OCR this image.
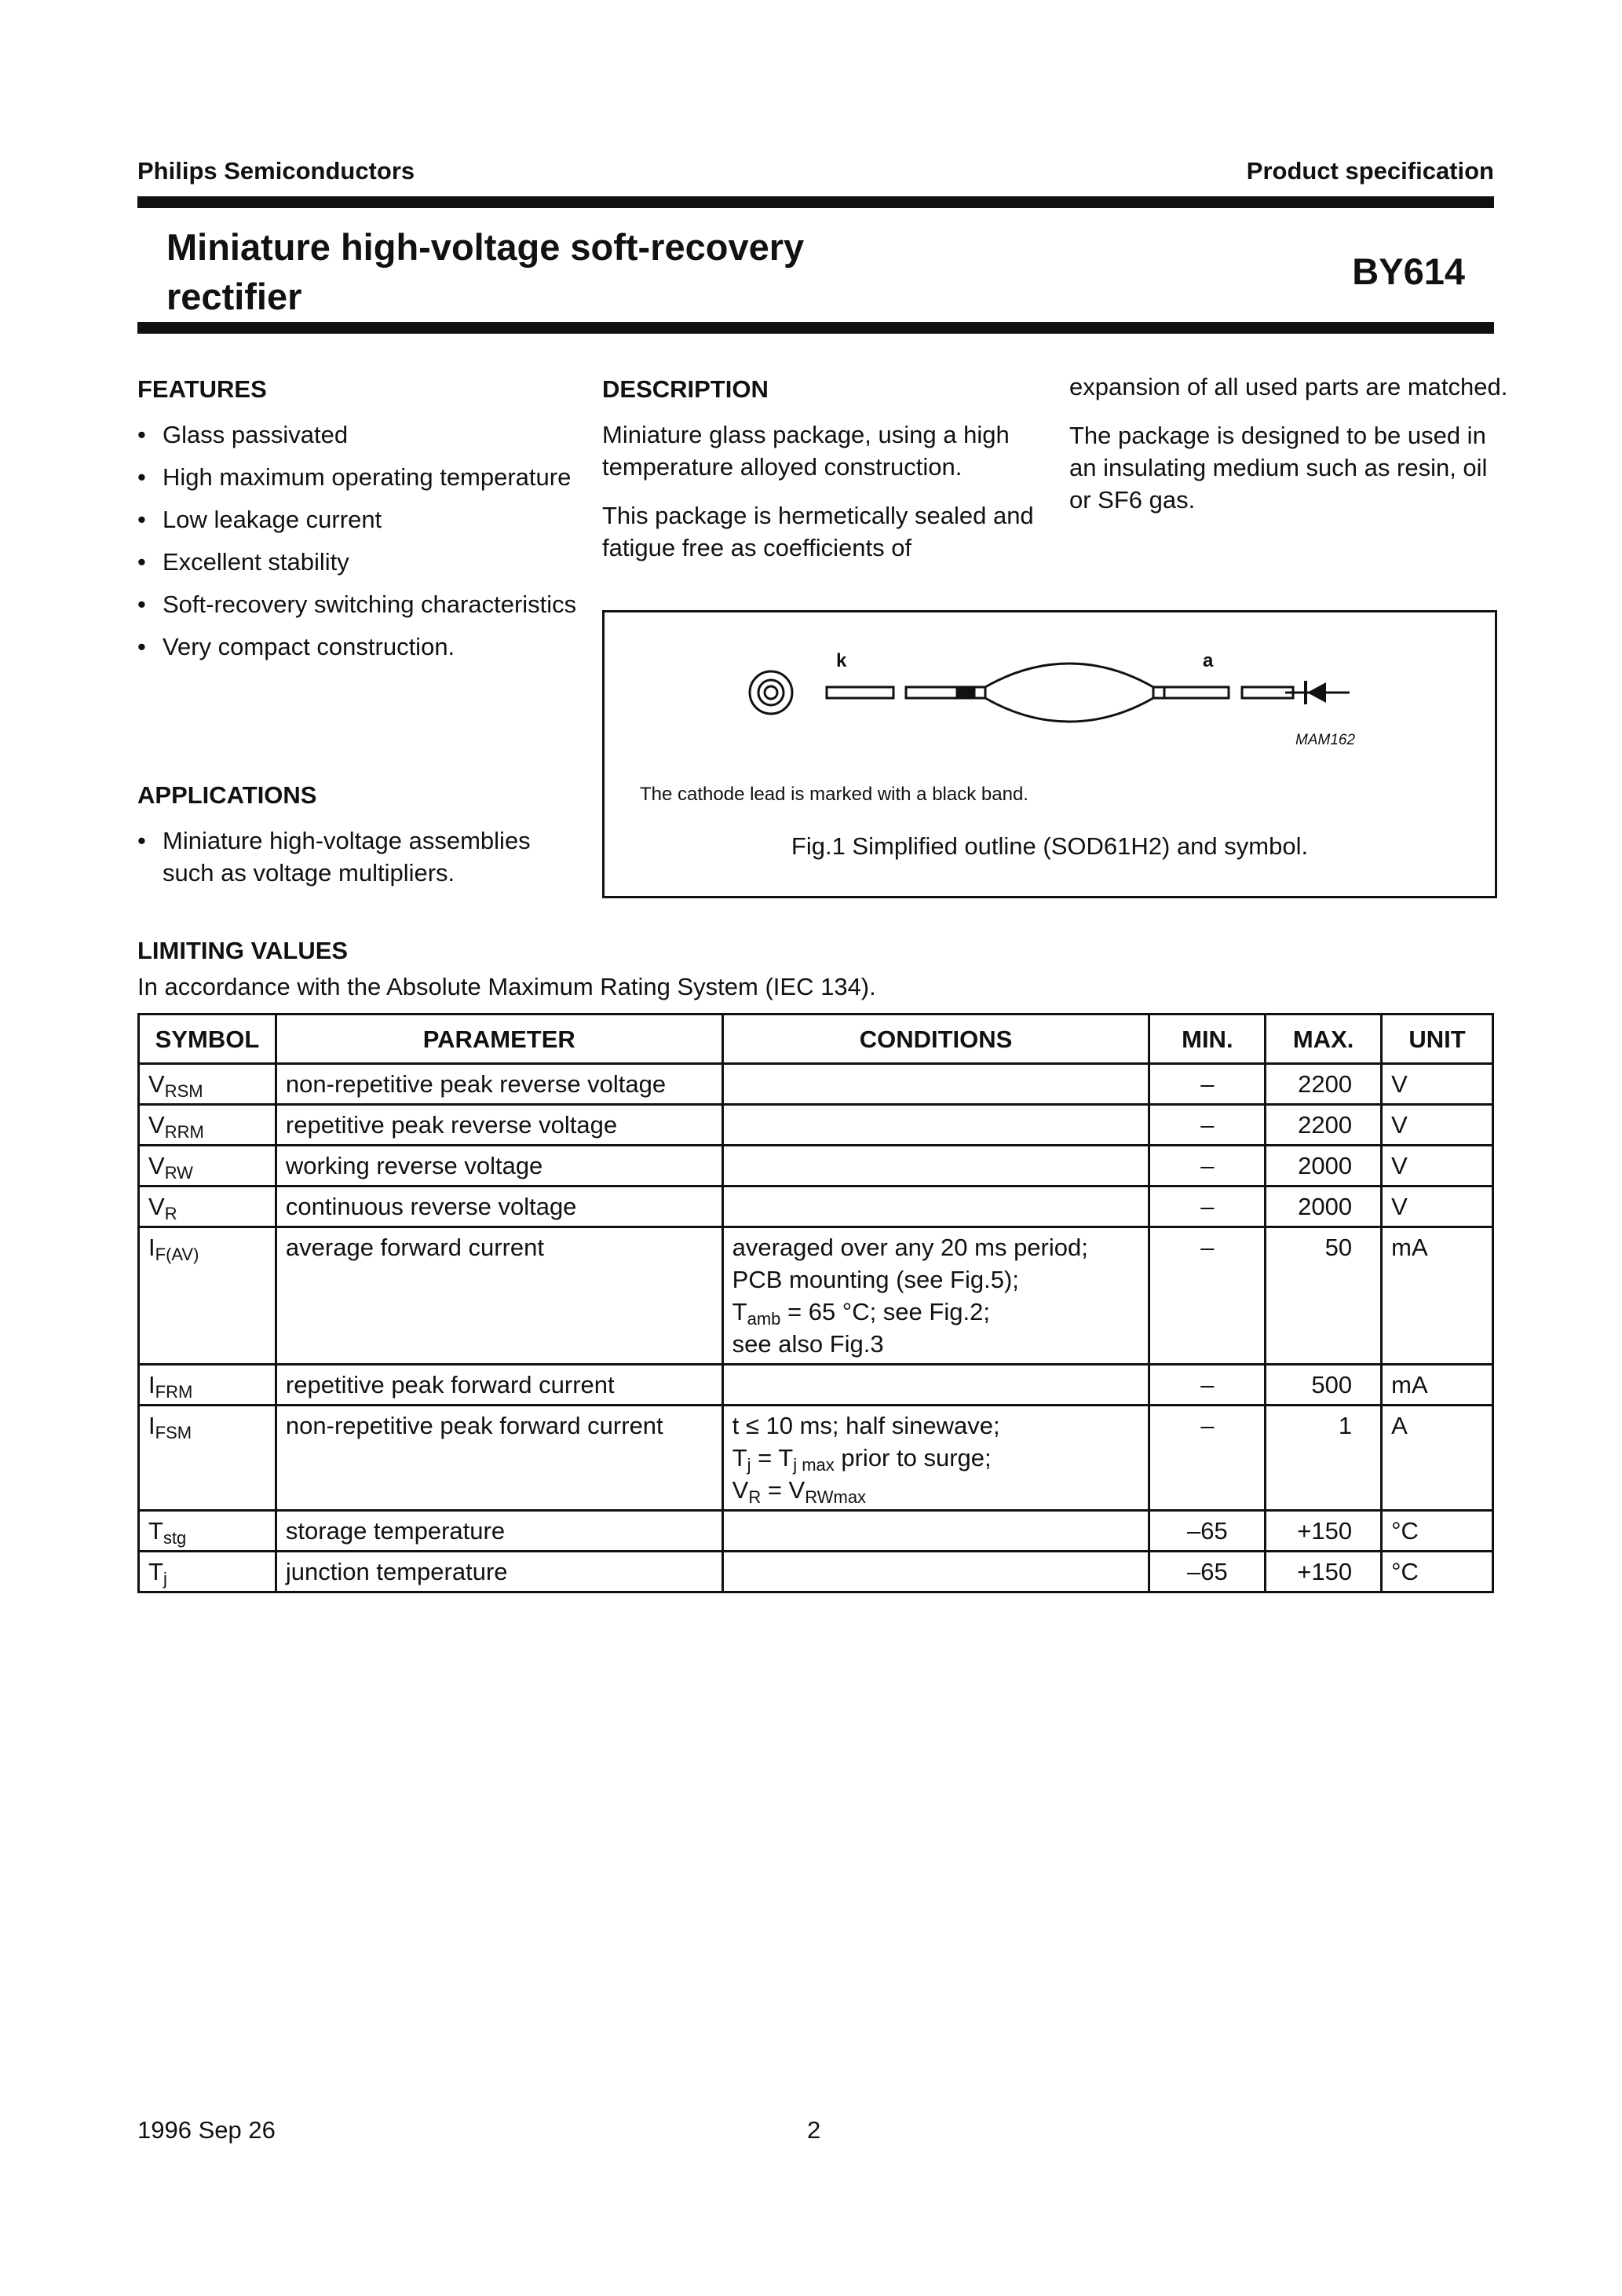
Philips Semiconductors	Product specification
Miniature high-voltage soft-recovery
rectifier
BY614
FEATURES
• Glass passivated
• High maximum operating temperature
• Low leakage current
• Excellent stability
• Soft-recovery switching characteristics
• Very compact construction.
APPLICATIONS
• Miniature high-voltage assemblies such as voltage multipliers.
DESCRIPTION
Miniature glass package, using a high temperature alloyed construction.
This package is hermetically sealed and fatigue free as coefficients of
expansion of all used parts are matched.
The package is designed to be used in an insulating medium such as resin, oil or SF6 gas.
k	a
MAM162
The cathode lead is marked with a black band.
Fig.1 Simplified outline (SOD61H2) and symbol.
LIMITING VALUES
In accordance with the Absolute Maximum Rating System (IEC 134).
SYMBOL	PARAMETER	CONDITIONS	MIN.	MAX.	UNIT
$V_{RSM}$	non-repetitive peak reverse voltage		–	2200	V
$V_{RRM}$	repetitive peak reverse voltage		–	2200	V
$V_{RW}$	working reverse voltage		–	2000	V
$V_R$	continuous reverse voltage		–	2000	V
$I_{F(AV)}$	average forward current	averaged over any 20 ms period;
PCB mounting (see Fig.5);
$T_{amb} = 65$ °C; see Fig.2;
see also Fig.3	–	50	mA
$I_{FRM}$	repetitive peak forward current		–	500	mA
$I_{FSM}$	non-repetitive peak forward current	t ≤ 10 ms; half sinewave;
$T_j = T_{j max}$ prior to surge;
$V_R = V_{RWmax}$	–	1	A
$T_{stg}$	storage temperature		–65	+150	°C
$T_j$	junction temperature		–65	+150	°C
1996 Sep 26	2
